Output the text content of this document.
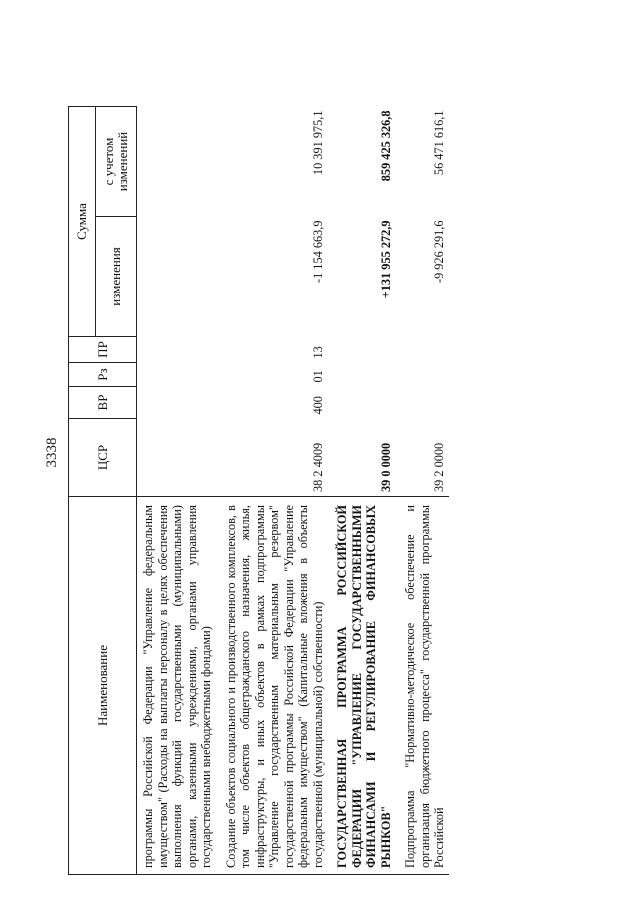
3338
Наименование	ЦСР	ВР	Рз	ПР	Сумма	
					изменения	с учетом изменений
программы Российской Федерации "Управление федеральным имуществом" (Расходы на выплаты персоналу в целях обеспечения выполнения функций государственными (муниципальными) органами, казенными учреждениями, органами управления государственными внебюджетными фондами)						
Создание объектов социального и производственного комплексов, в том числе объектов общегражданского назначения, жилья, инфраструктуры, и иных объектов в рамках подпрограммы "Управление государственным материальным резервом" государственной программы Российской Федерации "Управление федеральным имуществом" (Капитальные вложения в объекты государственной (муниципальной) собственности)	38 2 4009	400	01	13	-1 154 663,9	10 391 975,1
ГОСУДАРСТВЕННАЯ ПРОГРАММА РОССИЙСКОЙ ФЕДЕРАЦИИ "УПРАВЛЕНИЕ ГОСУДАРСТВЕННЫМИ ФИНАНСАМИ И РЕГУЛИРОВАНИЕ ФИНАНСОВЫХ РЫНКОВ"	39 0 0000				+131 955 272,9	859 425 326,8
Подпрограмма "Нормативно-методическое обеспечение и организация бюджетного процесса" государственной программы Российской	39 2 0000				-9 926 291,6	56 471 616,1
